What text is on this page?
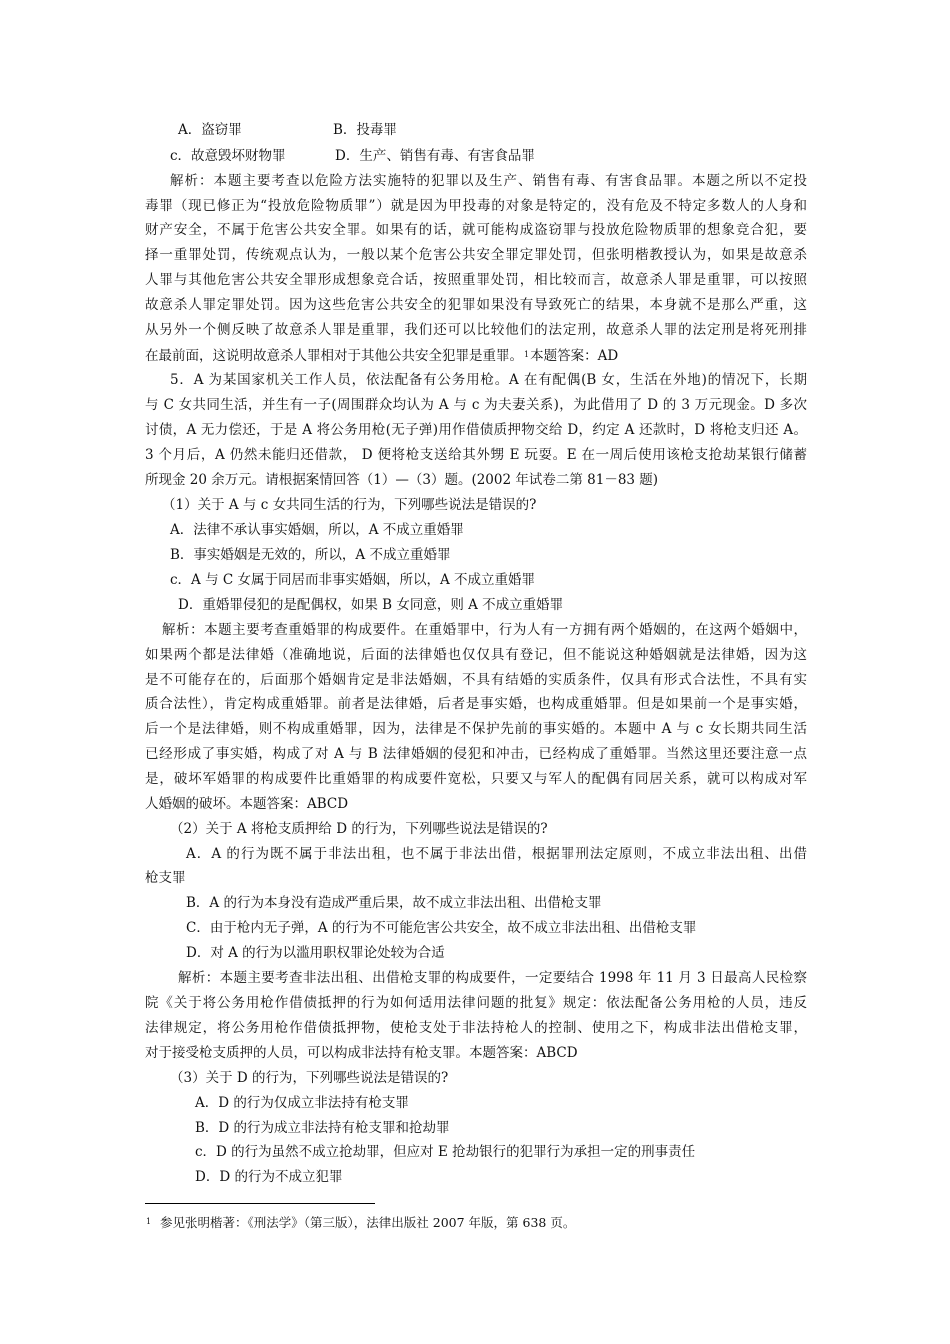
A．盗窃罪	B．投毒罪
c．故意毁坏财物罪	D．生产、销售有毒、有害食品罪
解析：本题主要考查以危险方法实施特的犯罪以及生产、销售有毒、有害食品罪。本题之所以不定投
毒罪（现已修正为“投放危险物质罪”）就是因为甲投毒的对象是特定的，没有危及不特定多数人的人身和
财产安全，不属于危害公共安全罪。如果有的话，就可能构成盗窃罪与投放危险物质罪的想象竞合犯，要
择一重罪处罚，传统观点认为，一般以某个危害公共安全罪定罪处罚，但张明楷教授认为，如果是故意杀
人罪与其他危害公共安全罪形成想象竞合话，按照重罪处罚，相比较而言，故意杀人罪是重罪，可以按照
故意杀人罪定罪处罚。因为这些危害公共安全的犯罪如果没有导致死亡的结果，本身就不是那么严重，这
从另外一个侧反映了故意杀人罪是重罪，我们还可以比较他们的法定刑，故意杀人罪的法定刑是将死刑排
在最前面，这说明故意杀人罪相对于其他公共安全犯罪是重罪。$^1$本题答案：AD
5．A 为某国家机关工作人员，依法配备有公务用枪。A 在有配偶(B 女，生活在外地)的情况下，长期
与 C 女共同生活，并生有一子(周围群众均认为 A 与 c 为夫妻关系)，为此借用了 D 的 3 万元现金。D 多次
讨债，A 无力偿还，于是 A 将公务用枪(无子弹)用作借债质押物交给 D，约定 A 还款时，D 将枪支归还 A。
3 个月后，A 仍然未能归还借款， D 便将枪支送给其外甥 E 玩耍。E 在一周后使用该枪支抢劫某银行储蓄
所现金 20 余万元。请根据案情回答（1）—（3）题。(2002 年试卷二第 81－83 题)
（1）关于 A 与 c 女共同生活的行为，下列哪些说法是错误的?
A．法律不承认事实婚姻，所以，A 不成立重婚罪
B．事实婚姻是无效的，所以，A 不成立重婚罪
c．A 与 C 女属于同居而非事实婚姻，所以，A 不成立重婚罪
D．重婚罪侵犯的是配偶权，如果 B 女同意，则 A 不成立重婚罪
解析：本题主要考查重婚罪的构成要件。在重婚罪中，行为人有一方拥有两个婚姻的，在这两个婚姻中，
如果两个都是法律婚（准确地说，后面的法律婚也仅仅具有登记，但不能说这种婚姻就是法律婚，因为这
是不可能存在的，后面那个婚姻肯定是非法婚姻，不具有结婚的实质条件，仅具有形式合法性，不具有实
质合法性），肯定构成重婚罪。前者是法律婚，后者是事实婚，也构成重婚罪。但是如果前一个是事实婚，
后一个是法律婚，则不构成重婚罪，因为，法律是不保护先前的事实婚的。本题中 A 与 c 女长期共同生活
已经形成了事实婚，构成了对 A 与 B 法律婚姻的侵犯和冲击，已经构成了重婚罪。当然这里还要注意一点
是，破坏军婚罪的构成要件比重婚罪的构成要件宽松，只要又与军人的配偶有同居关系，就可以构成对军
人婚姻的破坏。本题答案：ABCD
（2）关于 A 将枪支质押给 D 的行为，下列哪些说法是错误的?
A．A 的行为既不属于非法出租，也不属于非法出借，根据罪刑法定原则，不成立非法出租、出借
枪支罪
B．A 的行为本身没有造成严重后果，故不成立非法出租、出借枪支罪
C．由于枪内无子弹，A 的行为不可能危害公共安全，故不成立非法出租、出借枪支罪
D．对 A 的行为以滥用职权罪论处较为合适
解析：本题主要考查非法出租、出借枪支罪的构成要件，一定要结合 1998 年 11 月 3 日最高人民检察
院《关于将公务用枪作借债抵押的行为如何适用法律问题的批复》规定：依法配备公务用枪的人员，违反
法律规定，将公务用枪作借债抵押物，使枪支处于非法持枪人的控制、使用之下，构成非法出借枪支罪，
对于接受枪支质押的人员，可以构成非法持有枪支罪。本题答案：ABCD
（3）关于 D 的行为，下列哪些说法是错误的?
A．D 的行为仅成立非法持有枪支罪
B．D 的行为成立非法持有枪支罪和抢劫罪
c．D 的行为虽然不成立抢劫罪，但应对 E 抢劫银行的犯罪行为承担一定的刑事责任
D．D 的行为不成立犯罪
$^1$ 参见张明楷著：《刑法学》（第三版），法律出版社 2007 年版，第 638 页。
